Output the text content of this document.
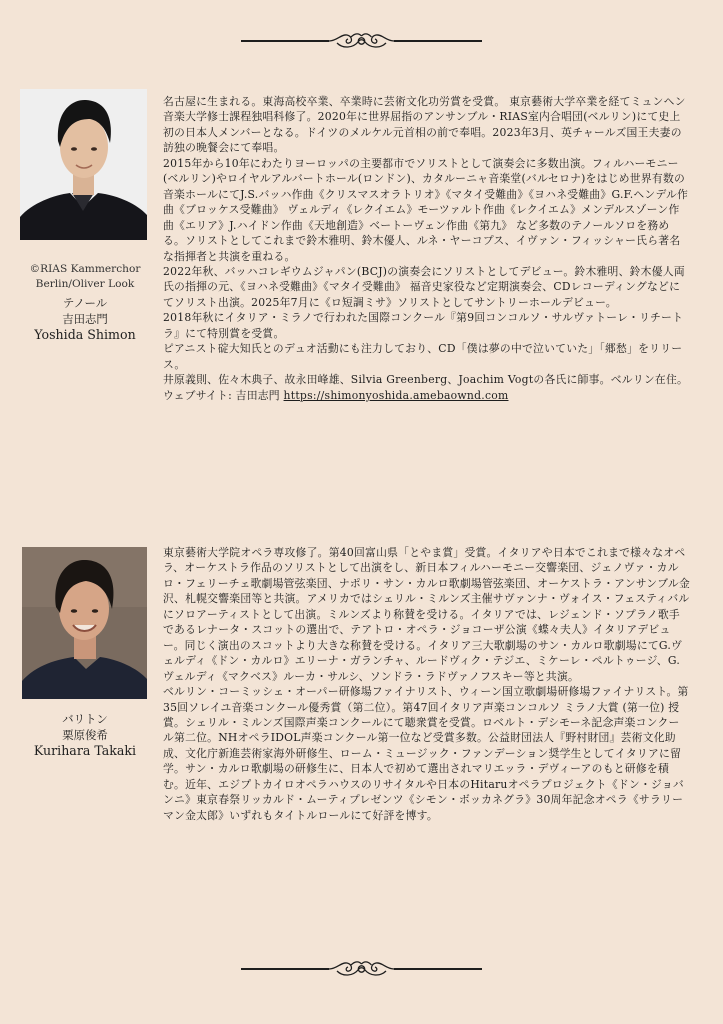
©RIAS Kammerchor Berlin/Oliver Look
テノール
吉田志門
Yoshida Shimon

名古屋に生まれる。東海高校卒業、卒業時に芸術文化功労賞を受賞。 東京藝術大学卒業を経てミュンヘン音楽大学修士課程独唱科修了。2020年に世界屈指のアンサンブル・RIAS室内合唱団(ベルリン)にて史上初の日本人メンバーとなる。ドイツのメルケル元首相の前で奉唱。2023年3月、英チャールズ国王夫妻の訪独の晩餐会にて奉唱。

2015年から10年にわたりヨーロッパの主要都市でソリストとして演奏会に多数出演。フィルハーモニー(ベルリン)やロイヤルアルバートホール(ロンドン)、カタルーニャ音楽堂(バルセロナ)をはじめ世界有数の音楽ホールにてJ.S.バッハ作曲《クリスマスオラトリオ》《マタイ受難曲》《ヨハネ受難曲》G.F.ヘンデル作曲《ブロッケス受難曲》 ヴェルディ《レクイエム》モーツァルト作曲《レクイエム》メンデルスゾーン作曲《エリア》J.ハイドン作曲《天地創造》ベートーヴェン作曲《第九》 など多数のテノールソロを務める。ソリストとしてこれまで鈴木雅明、鈴木優人、ルネ・ヤーコプス、イヴァン・フィッシャー氏ら著名な指揮者と共演を重ねる。

2022年秋、バッハコレギウムジャパン(BCJ)の演奏会にソリストとしてデビュー。鈴木雅明、鈴木優人両氏の指揮の元、《ヨハネ受難曲》《マタイ受難曲》 福音史家役など定期演奏会、CDレコーディングなどにてソリスト出演。2025年7月に《ロ短調ミサ》ソリストとしてサントリーホールデビュー。

2018年秋にイタリア・ミラノで行われた国際コンクール『第9回コンコルソ・サルヴァトーレ・リチートラ』にて特別賞を受賞。

ピアニスト碇大知氏とのデュオ活動にも注力しており、CD「僕は夢の中で泣いていた」「郷愁」をリリース。

井原義則、佐々木典子、故永田峰雄、Silvia Greenberg、Joachim Vogtの各氏に師事。ベルリン在住。

ウェブサイト: 吉田志門 https://shimonyoshida.amebaownd.com

バリトン
栗原俊希
Kurihara Takaki

東京藝術大学院オペラ専攻修了。第40回富山県「とやま賞」受賞。イタリアや日本でこれまで様々なオペラ、オーケストラ作品のソリストとして出演をし、新日本フィルハーモニー交響楽団、ジェノヴァ・カルロ・フェリーチェ歌劇場管弦楽団、ナポリ・サン・カルロ歌劇場管弦楽団、オーケストラ・アンサンブル金沢、札幌交響楽団等と共演。アメリカではシェリル・ミルンズ主催サヴァンナ・ヴォイス・フェスティバルにソロアーティストとして出演。ミルンズより称賛を受ける。イタリアでは、レジェンド・ソプラノ歌手であるレナータ・スコットの選出で、テアトロ・オペラ・ジョコーザ公演《蝶々夫人》イタリアデビュー。同じく演出のスコットより大きな称賛を受ける。イタリア三大歌劇場のサン・カルロ歌劇場にてG.ヴェルディ《ドン・カルロ》エリーナ・ガランチャ、ルードヴィク・テジエ、ミケーレ・ペルトゥージ、G.ヴェルディ《マクベス》ルーカ・サルシ、ソンドラ・ラドヴァノフスキー等と共演。

ベルリン・コーミッシェ・オーパー研修場ファイナリスト、ウィーン国立歌劇場研修場ファイナリスト。第35回ソレイユ音楽コンクール優秀賞（第二位）。第47回イタリア声楽コンコルソ ミラノ大賞 (第一位) 授賞。シェリル・ミルンズ国際声楽コンクールにて聴衆賞を受賞。ロベルト・デシモーネ記念声楽コンクール第二位。NHオペラIDOL声楽コンクール第一位など受賞多数。公益財団法人『野村財団』芸術文化助成、文化庁新進芸術家海外研修生、ローム・ミュージック・ファンデーション奨学生としてイタリアに留学。サン・カルロ歌劇場の研修生に、日本人で初めて選出されマリエッラ・デヴィーアのもと研修を積む。近年、エジプトカイロオペラハウスのリサイタルや日本のHitaruオペラプロジェクト《ドン・ジョバンニ》東京春祭リッカルド・ムーティプレゼンツ《シモン・ボッカネグラ》30周年記念オペラ《サラリーマン金太郎》いずれもタイトルロールにて好評を博す。
